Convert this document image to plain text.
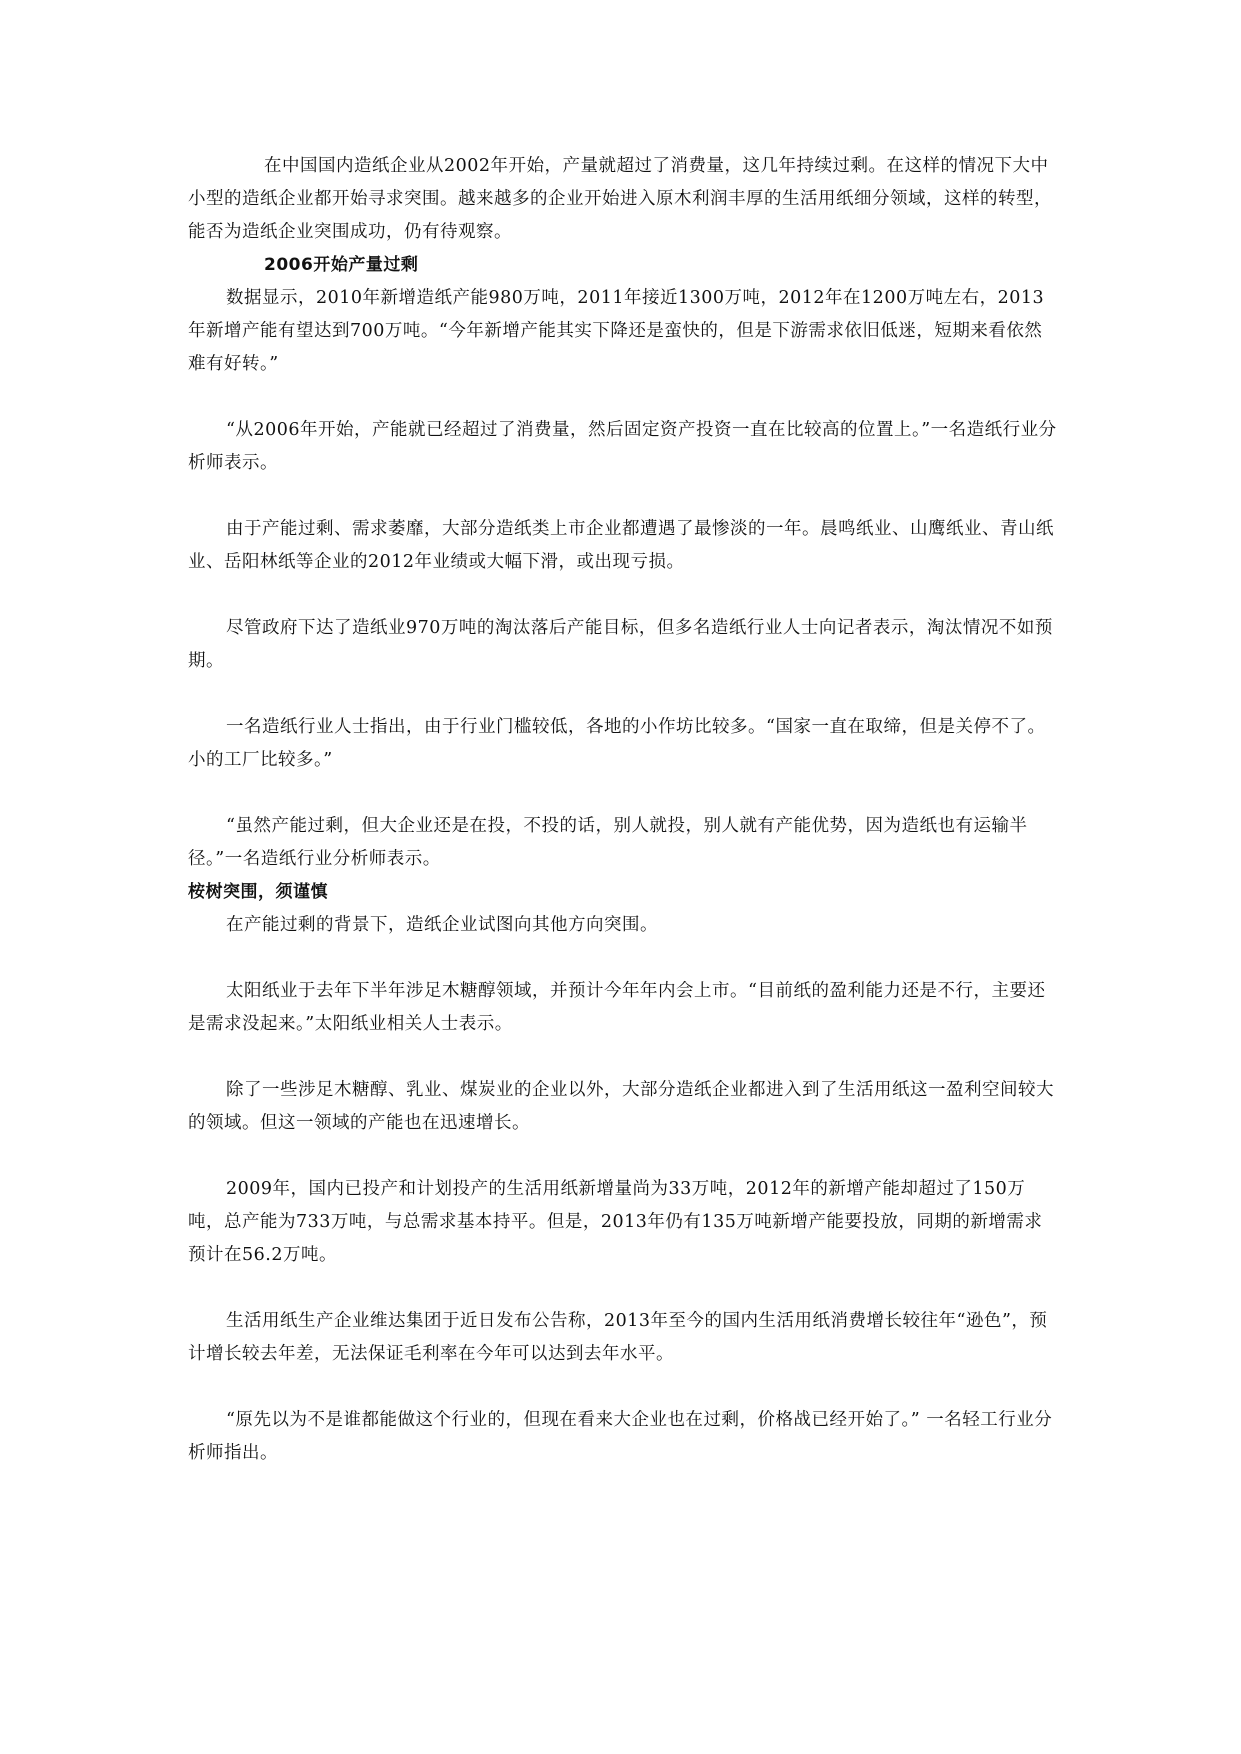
在中国国内造纸企业从2002年开始，产量就超过了消费量，这几年持续过剩。在这样的情况下大中小型的造纸企业都开始寻求突围。越来越多的企业开始进入原木利润丰厚的生活用纸细分领域，这样的转型，能否为造纸企业突围成功，仍有待观察。

2006开始产量过剩

数据显示，2010年新增造纸产能980万吨，2011年接近1300万吨，2012年在1200万吨左右，2013年新增产能有望达到700万吨。“今年新增产能其实下降还是蛮快的，但是下游需求依旧低迷，短期来看依然难有好转。”

“从2006年开始，产能就已经超过了消费量，然后固定资产投资一直在比较高的位置上。”一名造纸行业分析师表示。

由于产能过剩、需求萎靡，大部分造纸类上市企业都遭遇了最惨淡的一年。晨鸣纸业、山鹰纸业、青山纸业、岳阳林纸等企业的2012年业绩或大幅下滑，或出现亏损。

尽管政府下达了造纸业970万吨的淘汰落后产能目标，但多名造纸行业人士向记者表示，淘汰情况不如预期。

一名造纸行业人士指出，由于行业门槛较低，各地的小作坊比较多。“国家一直在取缔，但是关停不了。小的工厂比较多。”

“虽然产能过剩，但大企业还是在投，不投的话，别人就投，别人就有产能优势，因为造纸也有运输半径。”一名造纸行业分析师表示。

桉树突围，须谨慎

在产能过剩的背景下，造纸企业试图向其他方向突围。

太阳纸业于去年下半年涉足木糖醇领域，并预计今年年内会上市。“目前纸的盈利能力还是不行，主要还是需求没起来。”太阳纸业相关人士表示。

除了一些涉足木糖醇、乳业、煤炭业的企业以外，大部分造纸企业都进入到了生活用纸这一盈利空间较大的领域。但这一领域的产能也在迅速增长。

2009年，国内已投产和计划投产的生活用纸新增量尚为33万吨，2012年的新增产能却超过了150万吨，总产能为733万吨，与总需求基本持平。但是，2013年仍有135万吨新增产能要投放，同期的新增需求预计在56.2万吨。

生活用纸生产企业维达集团于近日发布公告称，2013年至今的国内生活用纸消费增长较往年“逊色”，预计增长较去年差，无法保证毛利率在今年可以达到去年水平。

“原先以为不是谁都能做这个行业的，但现在看来大企业也在过剩，价格战已经开始了。” 一名轻工行业分析师指出。
